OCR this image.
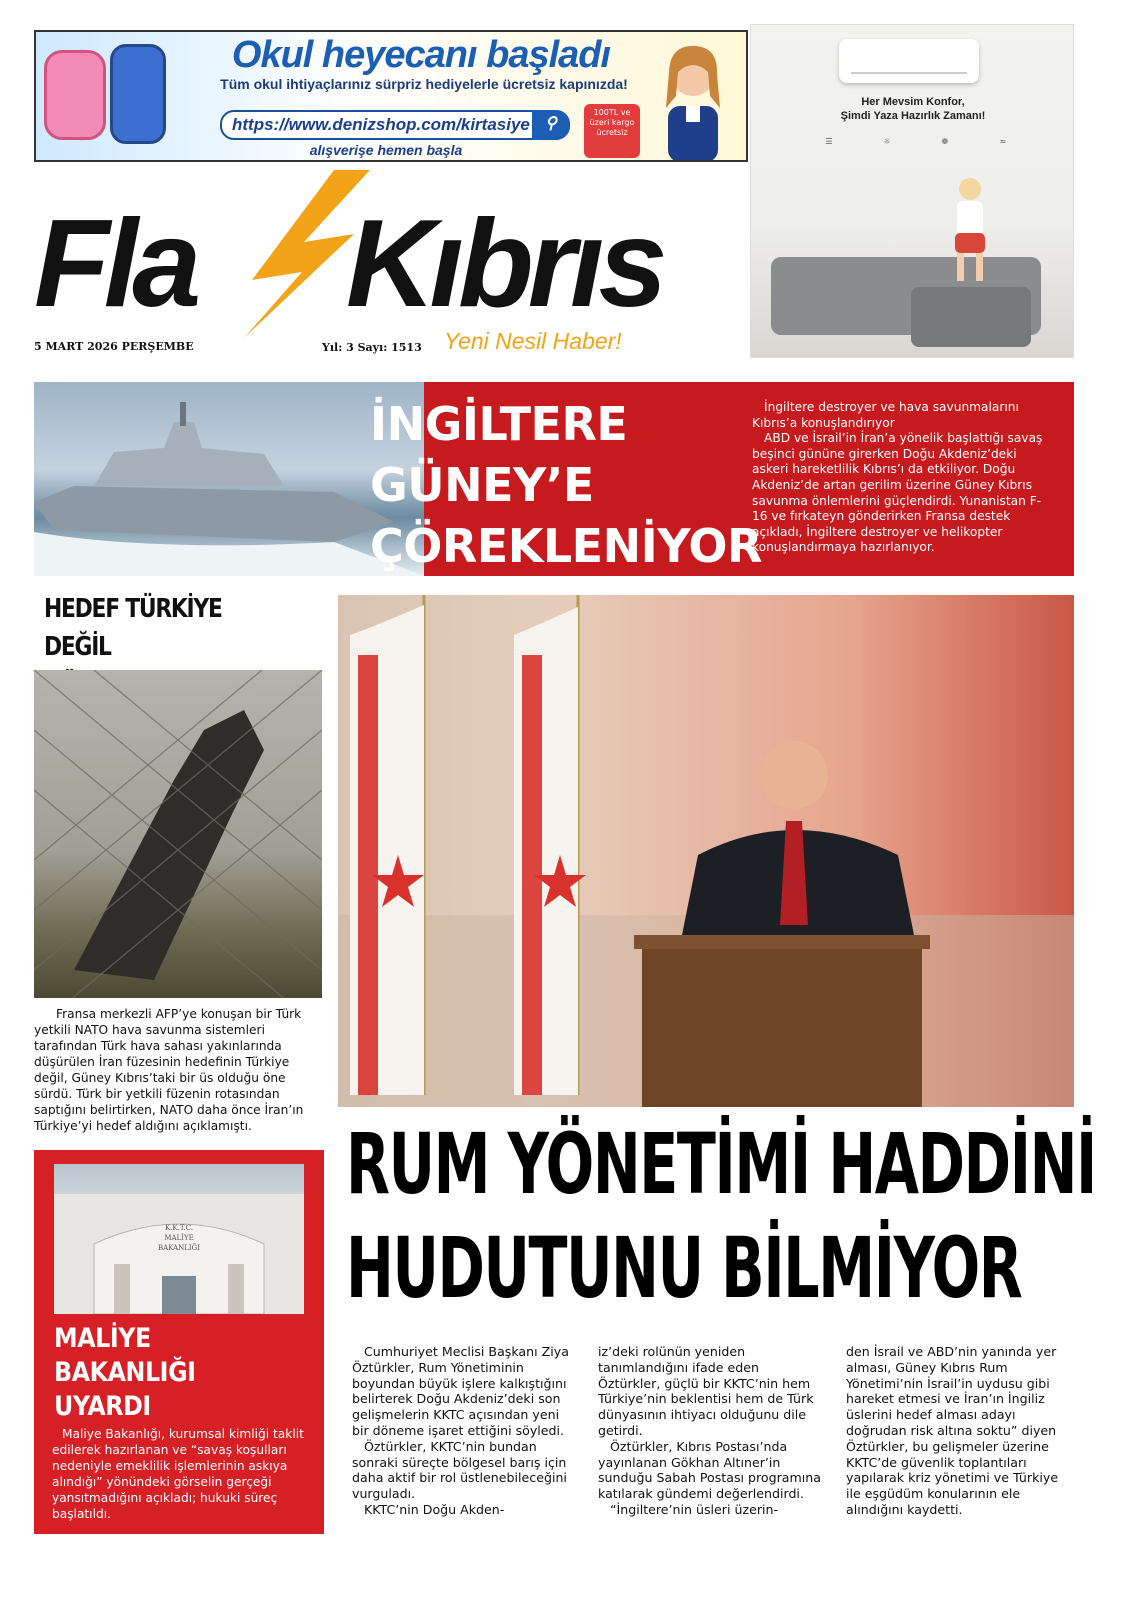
Okul heyecanı başladı
Tüm okul ihtiyaçlarınız sürpriz hediyelerle ücretsiz kapınızda!
https://www.denizshop.com/kirtasiye ⚲
alışverişe hemen başla
100TL ve üzeri kargo ücretsiz
Her Mevsim Konfor,
Şimdi Yaza Hazırlık Zamanı!
☰	☼	❁	≈
Fla Kıbrıs
5 MART 2026 PERŞEMBE	Yıl: 3 Sayı: 1513 Yeni Nesil Haber!
İNGİLTERE
GÜNEY’E
ÇÖREKLENİYOR

İngiltere destroyer ve hava savunmalarını Kıbrıs’a konuşlandırıyor

ABD ve İsrail’in İran’a yönelik başlattığı savaş beşinci gününe girerken Doğu Akdeniz’deki askeri hareketlilik Kıbrıs’ı da etkiliyor. Doğu Akdeniz’de artan gerilim üzerine Güney Kıbrıs savunma önlemlerini güçlendirdi. Yunanistan F-16 ve fırkateyn gönderirken Fransa destek açıkladı, İngiltere destroyer ve helikopter konuşlandırmaya hazırlanıyor.

HEDEF TÜRKİYE DEĞİL
Fransa merkezli AFP’ye konuşan bir Türk yetkili NATO hava savunma sistemleri tarafından Türk hava sahası yakınlarında düşürülen İran füzesinin hedefinin Türkiye değil, Güney Kıbrıs’taki bir üs olduğu öne sürdü. Türk bir yetkili füzenin rotasından saptığını belirtirken, NATO daha önce İran’ın Türkiye’yi hedef aldığını açıklamıştı.
K.K.T.C.
MALİYE
BAKANLIĞI
MALİYE
BAKANLIĞI
UYARDI
Maliye Bakanlığı, kurumsal kimliği taklit edilerek hazırlanan ve “savaş koşulları nedeniyle emeklilik işlemlerinin askıya alındığı” yönündeki görselin gerçeği yansıtmadığını açıkladı; hukuki süreç başlatıldı.
RUM YÖNETİMİ HADDİNİ
HUDUTUNU BİLMİYOR

Cumhuriyet Meclisi Başkanı Ziya Öztürkler, Rum Yönetiminin boyundan büyük işlere kalkıştığını belirterek Doğu Akdeniz’deki son gelişmelerin KKTC açısından yeni bir döneme işaret ettiğini söyledi.

Öztürkler, KKTC’nin bundan sonraki süreçte bölgesel barış için daha aktif bir rol üstlenebileceğini vurguladı.

KKTC’nin Doğu Akden-

iz’deki rolünün yeniden tanımlandığını ifade eden Öztürkler, güçlü bir KKTC’nin hem Türkiye’nin beklentisi hem de Türk dünyasının ihtiyacı olduğunu dile getirdi.

Öztürkler, Kıbrıs Postası’nda yayınlanan Gökhan Altıner’in sunduğu Sabah Postası programına katılarak gündemi değerlendirdi.

“İngiltere’nin üsleri üzerin-

den İsrail ve ABD’nin yanında yer alması, Güney Kıbrıs Rum Yönetimi’nin İsrail’in uydusu gibi hareket etmesi ve İran’ın İngiliz üslerini hedef alması adayı doğrudan risk altına soktu” diyen Öztürkler, bu gelişmeler üzerine KKTC’de güvenlik toplantıları yapılarak kriz yönetimi ve Türkiye ile eşgüdüm konularının ele alındığını kaydetti.
